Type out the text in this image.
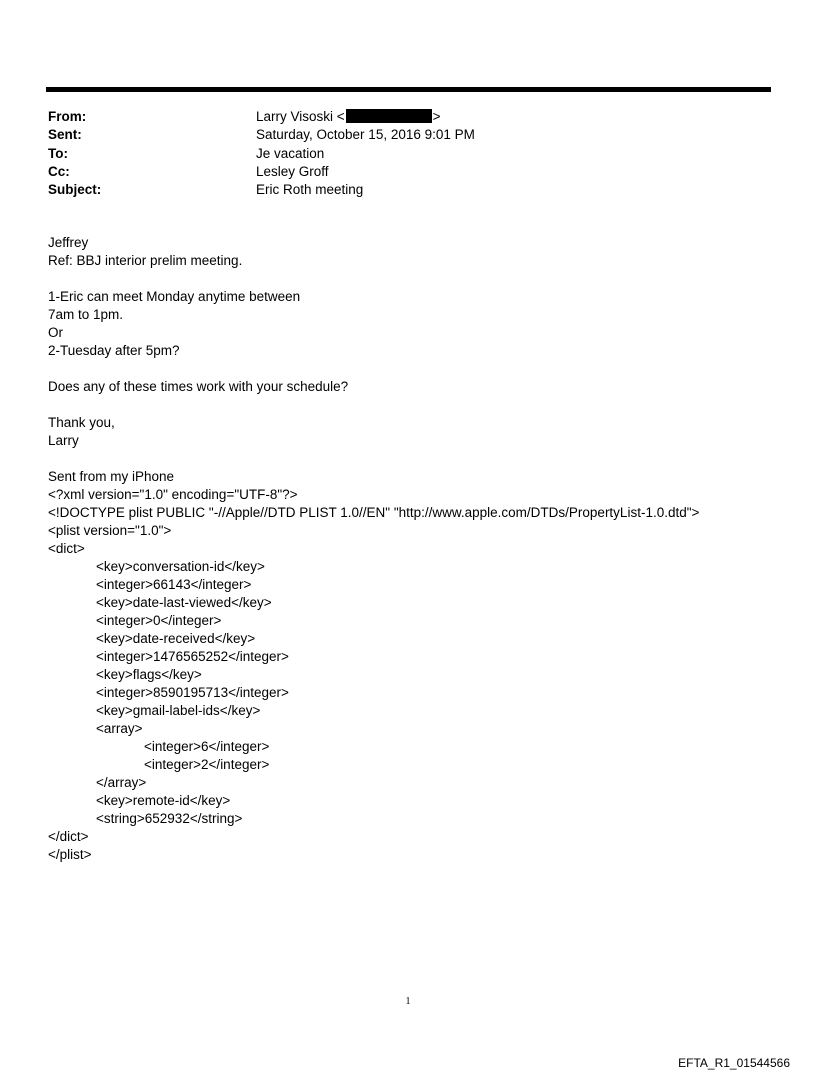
From:	Larry Visoski <	>
Sent:	Saturday, October 15, 2016 9:01 PM
To:	Je vacation
Cc:	Lesley Groff
Subject:	Eric Roth meeting
Jeffrey
Ref: BBJ interior prelim meeting.
1-Eric can meet Monday anytime between
7am to 1pm.
Or
2-Tuesday after 5pm?
Does any of these times work with your schedule?
Thank you,
Larry
Sent from my iPhone
<?xml version="1.0" encoding="UTF-8"?>
<!DOCTYPE plist PUBLIC "-//Apple//DTD PLIST 1.0//EN" "http://www.apple.com/DTDs/PropertyList-1.0.dtd">
<plist version="1.0">
<dict>
<key>conversation-id</key>
<integer>66143</integer>
<key>date-last-viewed</key>
<integer>0</integer>
<key>date-received</key>
<integer>1476565252</integer>
<key>flags</key>
<integer>8590195713</integer>
<key>gmail-label-ids</key>
<array>
<integer>6</integer>
<integer>2</integer>
</array>
<key>remote-id</key>
<string>652932</string>
</dict>
</plist>
1
EFTA_R1_01544566
